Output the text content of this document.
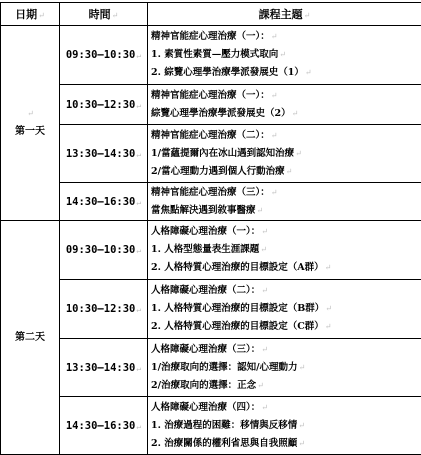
日期↵	時間↵	課程主題↵

↵
第一天	09:30–10:30↵	精神官能症心理治療（一）：↵
1. 素質性素質—壓力模式取向↵
2. 綜覽心理學治療學派發展史（1）↵

	10:30–12:30↵	精神官能症心理治療（一）：↵
綜覽心理學治療學派發展史（2）↵

	13:30–14:30↵	精神官能症心理治療（二）：↵
1/當蘊提爾內在冰山遇到認知治療↵
2/當心理動力遇到個人行動治療↵

	14:30–16:30↵	精神官能症心理治療（三）：↵
當焦點解決遇到敘事醫療↵

第二天	09:30–10:30↵	人格障礙心理治療（一）：↵
1. 人格型態量表生涯課題↵
2. 人格特質心理治療的目標設定（A群）↵

	10:30–12:30↵	人格障礙心理治療（二）：↵
1. 人格特質心理治療的目標設定（B群）↵
2. 人格特質心理治療的目標設定（C群）↵

	13:30–14:30↵	人格障礙心理治療（三）：↵
1/治療取向的選擇：認知/心理動力↵
2/治療取向的選擇：正念↵

	14:30–16:30↵	人格障礙心理治療（四）：↵
1. 治療過程的困難：移情與反移情↵
2. 治療關係的權利省思與自我照顧↵
